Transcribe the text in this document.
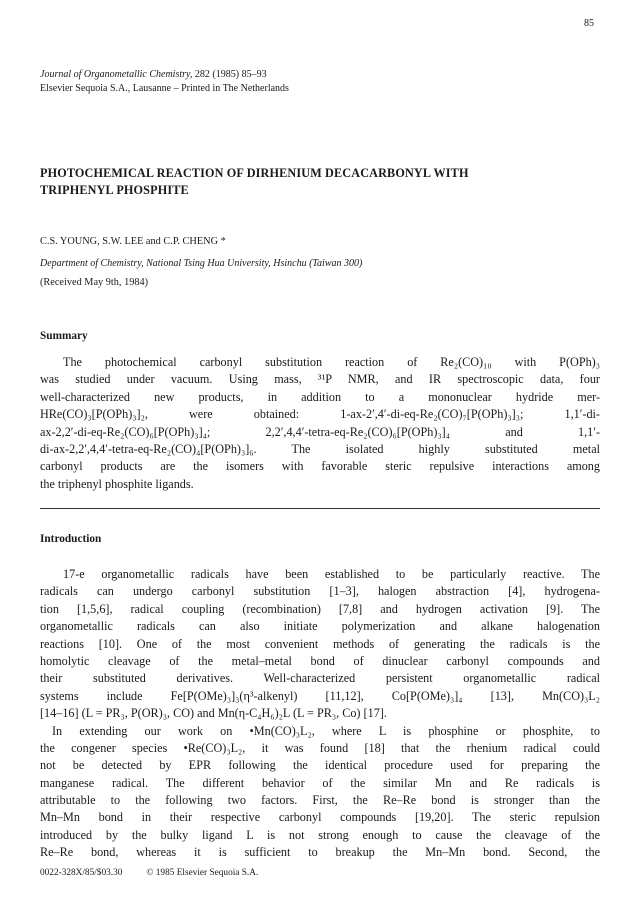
85
Journal of Organometallic Chemistry, 282 (1985) 85–93
Elsevier Sequoia S.A., Lausanne – Printed in The Netherlands
PHOTOCHEMICAL REACTION OF DIRHENIUM DECACARBONYL WITH
TRIPHENYL PHOSPHITE
C.S. YOUNG, S.W. LEE and C.P. CHENG *
Department of Chemistry, National Tsing Hua University, Hsinchu (Taiwan 300)
(Received May 9th, 1984)
Summary
The photochemical carbonyl substitution reaction of Re₂(CO)₁₀ with P(OPh)₃
was studied under vacuum. Using mass, ³¹P NMR, and IR spectroscopic data, four
well-characterized new products, in addition to a mononuclear hydride mer-
HRe(CO)₃[P(OPh)₃]₂, were obtained: 1-ax-2′,4′-di-eq-Re₂(CO)₇[P(OPh)₃]₃; 1,1′-di-
ax-2,2′-di-eq-Re₂(CO)₆[P(OPh)₃]₄; 2,2′,4,4′-tetra-eq-Re₂(CO)₆[P(OPh)₃]₄ and 1,1′-
di-ax-2,2′,4,4′-tetra-eq-Re₂(CO)₄[P(OPh)₃]₆. The isolated highly substituted metal
carbonyl products are the isomers with favorable steric repulsive interactions among
the triphenyl phosphite ligands.
Introduction
17-e organometallic radicals have been established to be particularly reactive. The
radicals can undergo carbonyl substitution [1–3], halogen abstraction [4], hydrogena-
tion [1,5,6], radical coupling (recombination) [7,8] and hydrogen activation [9]. The
organometallic radicals can also initiate polymerization and alkane halogenation
reactions [10]. One of the most convenient methods of generating the radicals is the
homolytic cleavage of the metal–metal bond of dinuclear carbonyl compounds and
their substituted derivatives. Well-characterized persistent organometallic radical
systems include Fe[P(OMe)₃]₃(η³-alkenyl) [11,12], Co[P(OMe)₃]₄ [13], Mn(CO)₃L₂
[14–16] (L = PR₃, P(OR)₃, CO) and Mn(η-C₄H₆)₂L (L = PR₃, Co) [17].
In extending our work on •Mn(CO)₃L₂, where L is phosphine or phosphite, to
the congener species •Re(CO)₃L₂, it was found [18] that the rhenium radical could
not be detected by EPR following the identical procedure used for preparing the
manganese radical. The different behavior of the similar Mn and Re radicals is
attributable to the following two factors. First, the Re–Re bond is stronger than the
Mn–Mn bond in their respective carbonyl compounds [19,20]. The steric repulsion
introduced by the bulky ligand L is not strong enough to cause the cleavage of the
Re–Re bond, whereas it is sufficient to breakup the Mn–Mn bond. Second, the
0022-328X/85/$03.30	© 1985 Elsevier Sequoia S.A.
